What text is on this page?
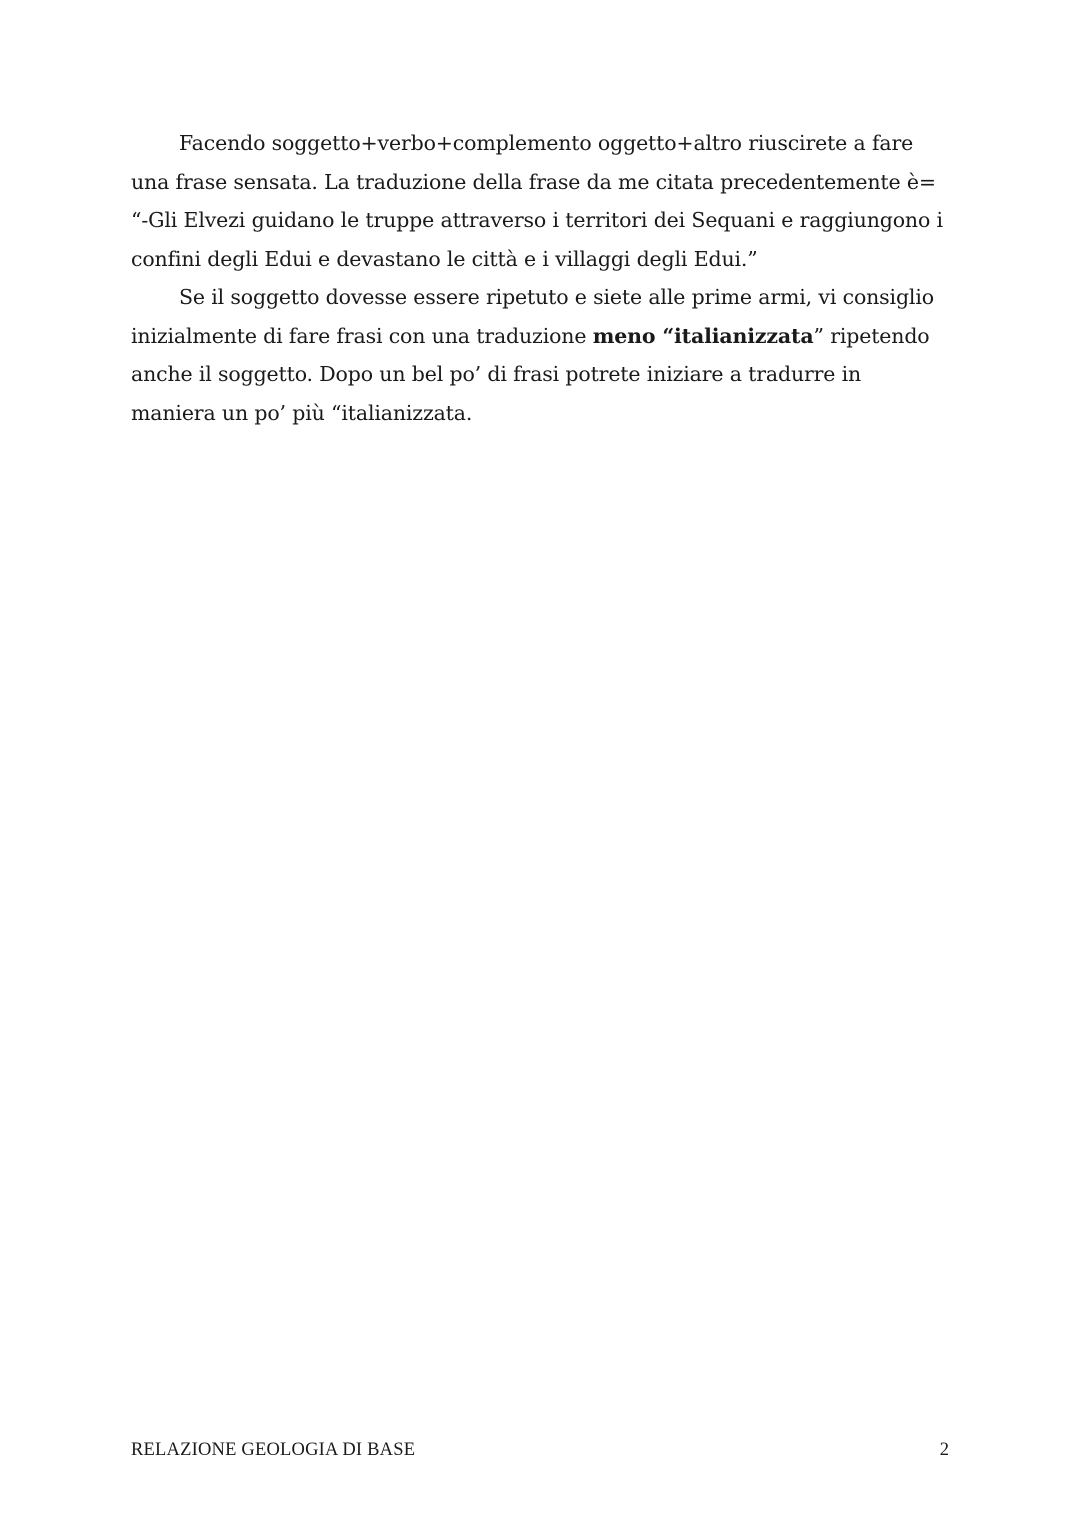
Facendo soggetto+verbo+complemento oggetto+altro riuscirete a fare una frase sensata. La traduzione della frase da me citata precedentemente è= “-Gli Elvezi guidano le truppe attraverso i territori dei Sequani e raggiungono i confini degli Edui e devastano le città e i villaggi degli Edui.”

Se il soggetto dovesse essere ripetuto e siete alle prime armi, vi consiglio inizialmente di fare frasi con una traduzione meno “italianizzata” ripetendo anche il soggetto. Dopo un bel po’ di frasi potrete iniziare a tradurre in maniera un po’ più “italianizzata.

RELAZIONE GEOLOGIA DI BASE	2
